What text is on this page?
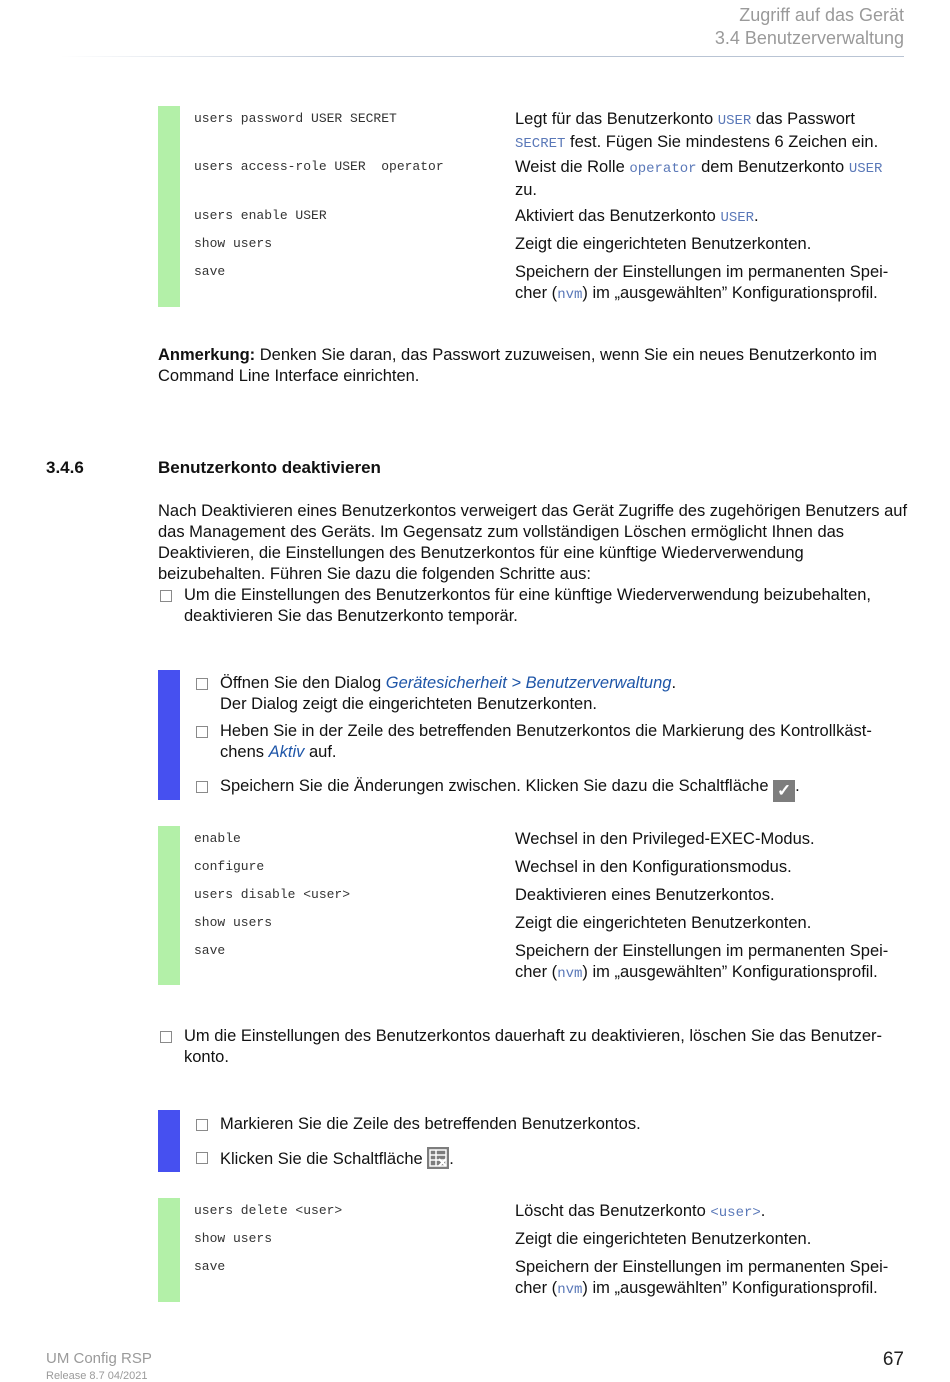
Zugriff auf das Gerät
3.4 Benutzerverwaltung
users password USER SECRET	Legt für das Benutzerkonto USER das Passwort SECRET fest. Fügen Sie mindestens 6 Zeichen ein.
users access-role USER  operator	Weist die Rolle operator dem Benutzerkonto USER zu.
users enable USER	Aktiviert das Benutzerkonto USER.
show users	Zeigt die eingerichteten Benutzerkonten.
save	Speichern der Einstellungen im permanenten Spei-cher (nvm) im „ausgewählten” Konfigurationsprofil.
Anmerkung: Denken Sie daran, das Passwort zuzuweisen, wenn Sie ein neues Benutzerkonto im Command Line Interface einrichten.
3.4.6	Benutzerkonto deaktivieren
Nach Deaktivieren eines Benutzerkontos verweigert das Gerät Zugriffe des zugehörigen Benutzers auf das Management des Geräts. Im Gegensatz zum vollständigen Löschen ermöglicht Ihnen das Deaktivieren, die Einstellungen des Benutzerkontos für eine künftige Wiederverwendung beizubehalten. Führen Sie dazu die folgenden Schritte aus:
Um die Einstellungen des Benutzerkontos für eine künftige Wiederverwendung beizubehalten, deaktivieren Sie das Benutzerkonto temporär.
Öffnen Sie den Dialog Gerätesicherheit > Benutzerverwaltung.
Der Dialog zeigt die eingerichteten Benutzerkonten.
Heben Sie in der Zeile des betreffenden Benutzerkontos die Markierung des Kontrollkäst-chens Aktiv auf.
Speichern Sie die Änderungen zwischen. Klicken Sie dazu die Schaltfläche ✓ .
enable	Wechsel in den Privileged-EXEC-Modus.
configure	Wechsel in den Konfigurationsmodus.
users disable <user>	Deaktivieren eines Benutzerkontos.
show users	Zeigt die eingerichteten Benutzerkonten.
save	Speichern der Einstellungen im permanenten Spei-cher (nvm) im „ausgewählten” Konfigurationsprofil.
Um die Einstellungen des Benutzerkontos dauerhaft zu deaktivieren, löschen Sie das Benutzer-konto.
Markieren Sie die Zeile des betreffenden Benutzerkontos.
Klicken Sie die Schaltfläche .
users delete <user>	Löscht das Benutzerkonto <user>.
show users	Zeigt die eingerichteten Benutzerkonten.
save	Speichern der Einstellungen im permanenten Spei-cher (nvm) im „ausgewählten” Konfigurationsprofil.
UM Config RSP
Release 8.7 04/2021
67
